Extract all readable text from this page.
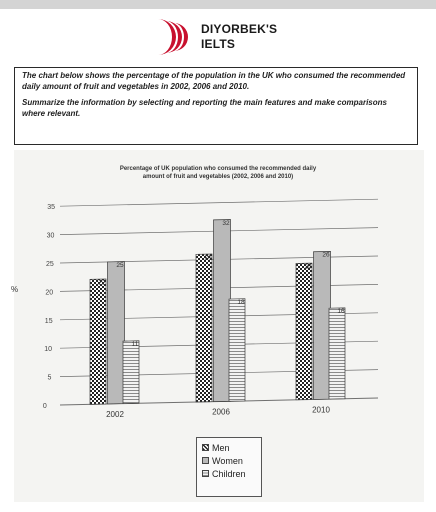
DIYORBEK'S
IELTS

The chart below shows the percentage of the population in the UK who consumed the recommended daily amount of fruit and vegetables in 2002, 2006 and 2010.

Summarize the information by selecting and reporting the main features and make comparisons where relevant.

Percentage of UK population who consumed the recommended daily
amount of fruit and vegetables (2002, 2006 and 2010)
%
0
5
10
15
20
25
30
35
22
25
11
2002
26
32
18
2006
24
26
16
2010
Men
Women
Children
